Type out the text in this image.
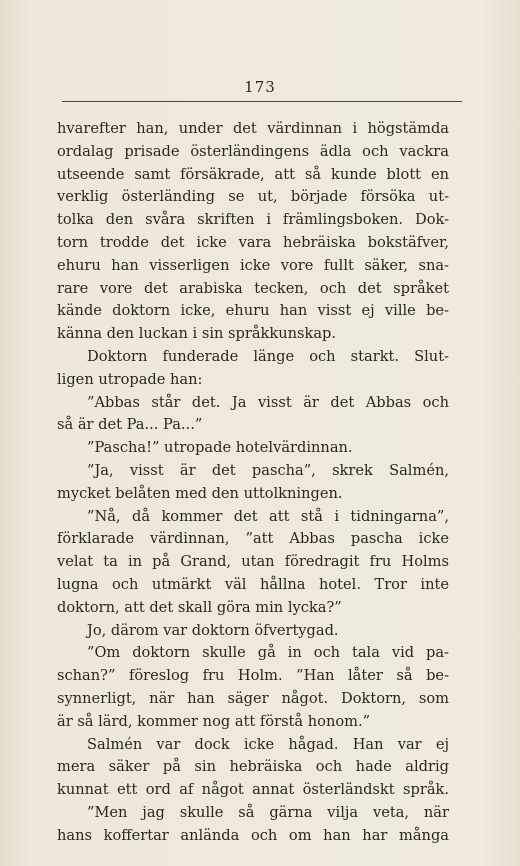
173
hvarefter han, under det värdinnan i högstämda
ordalag prisade österländingens ädla och vackra
utseende samt försäkrade, att så kunde blott en
verklig österländing se ut, började försöka ut-
tolka den svåra skriften i främlingsboken. Dok-
torn trodde det icke vara hebräiska bokstäfver,
ehuru han visserligen icke vore fullt säker, sna-
rare vore det arabiska tecken, och det språket
kände doktorn icke, ehuru han visst ej ville be-
känna den luckan i sin språkkunskap.
Doktorn funderade länge och starkt. Slut-
ligen utropade han:
”Abbas står det. Ja visst är det Abbas och
så är det Pa... Pa...”
”Pascha!” utropade hotelvärdinnan.
”Ja, visst är det pascha”, skrek Salmén,
mycket belåten med den uttolkningen.
”Nå, då kommer det att stå i tidningarna”,
förklarade värdinnan, ”att Abbas pascha icke
velat ta in på Grand, utan föredragit fru Holms
lugna och utmärkt väl hållna hotel. Tror inte
doktorn, att det skall göra min lycka?”
Jo, därom var doktorn öfvertygad.
”Om doktorn skulle gå in och tala vid pa-
schan?” föreslog fru Holm. ”Han låter så be-
synnerligt, när han säger något. Doktorn, som
är så lärd, kommer nog att förstå honom.”
Salmén var dock icke hågad. Han var ej
mera säker på sin hebräiska och hade aldrig
kunnat ett ord af något annat österländskt språk.
”Men jag skulle så gärna vilja veta, när
hans koffertar anlända och om han har många
